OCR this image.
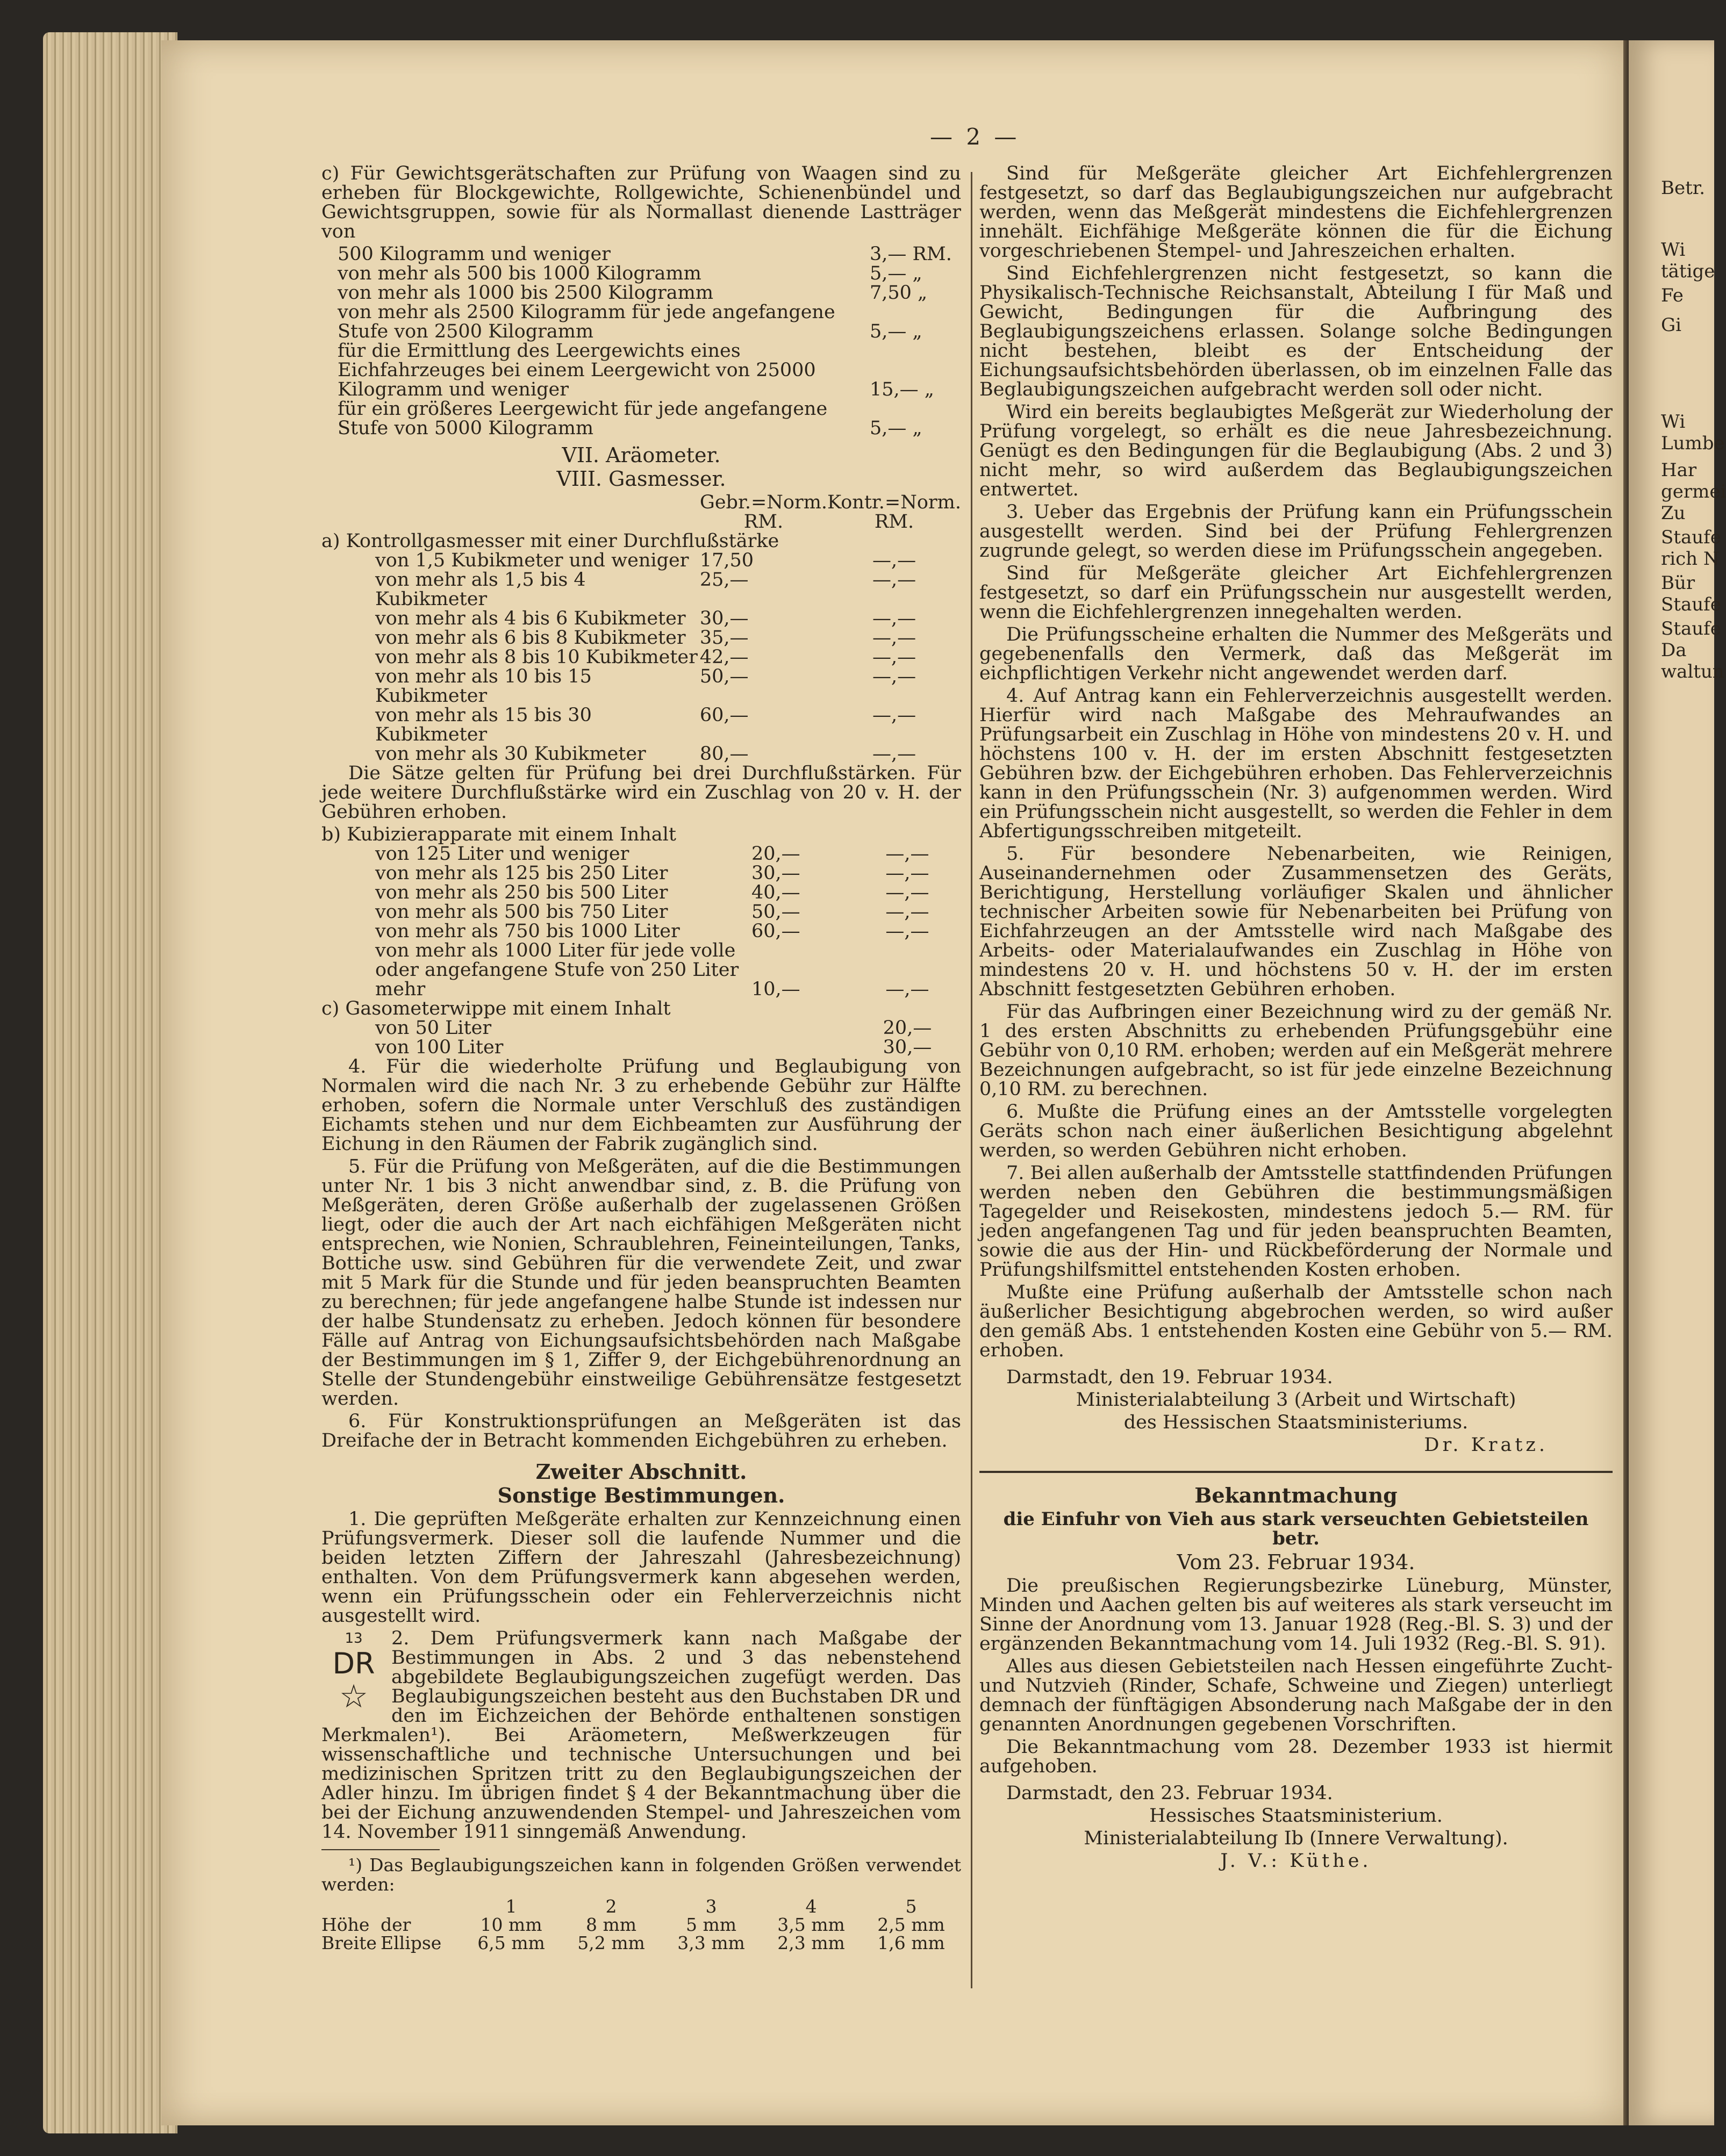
Betr.

Wi

tätige

Fe

Gi

Wi

Lumbe

Har

germei

Zu

Staufe

rich N

Bür

Staufe

Staufe

Da

waltun

— 2 —

c) Für Gewichtsgerätschaften zur Prüfung von Waagen sind zu erheben für Blockgewichte, Rollgewichte, Schienenbündel und Gewichtsgruppen, sowie für als Normallast dienende Lastträger von

500 Kilogramm und weniger	3,— RM.
von mehr als 500 bis 1000 Kilogramm	5,— „
von mehr als 1000 bis 2500 Kilogramm	7,50 „
von mehr als 2500 Kilogramm für jede angefangene Stufe von 2500 Kilogramm	5,— „
für die Ermittlung des Leergewichts eines Eichfahrzeuges bei einem Leergewicht von 25000 Kilogramm und weniger	15,— „
für ein größeres Leergewicht für jede angefangene Stufe von 5000 Kilogramm	5,— „
VII. Aräometer.
VIII. Gasmesser.
	Gebr.=Norm. RM.	Kontr.=Norm. RM.
a) Kontrollgasmesser mit einer Durchflußstärke		
von 1,5 Kubikmeter und weniger	17,50	—,—
von mehr als 1,5 bis 4 Kubikmeter	25,—	—,—
von mehr als 4 bis 6 Kubikmeter	30,—	—,—
von mehr als 6 bis 8 Kubikmeter	35,—	—,—
von mehr als 8 bis 10 Kubikmeter	42,—	—,—
von mehr als 10 bis 15 Kubikmeter	50,—	—,—
von mehr als 15 bis 30 Kubikmeter	60,—	—,—
von mehr als 30 Kubikmeter	80,—	—,—

Die Sätze gelten für Prüfung bei drei Durchflußstärken. Für jede weitere Durchflußstärke wird ein Zuschlag von 20 v. H. der Gebühren erhoben.

b) Kubizierapparate mit einem Inhalt		
von 125 Liter und weniger	20,—	—,—
von mehr als 125 bis 250 Liter	30,—	—,—
von mehr als 250 bis 500 Liter	40,—	—,—
von mehr als 500 bis 750 Liter	50,—	—,—
von mehr als 750 bis 1000 Liter	60,—	—,—
von mehr als 1000 Liter für jede volle oder angefangene Stufe von 250 Liter mehr	10,—	—,—
c) Gasometerwippe mit einem Inhalt		
von 50 Liter		20,—
von 100 Liter		30,—

4. Für die wiederholte Prüfung und Beglaubigung von Normalen wird die nach Nr. 3 zu erhebende Gebühr zur Hälfte erhoben, sofern die Normale unter Verschluß des zuständigen Eichamts stehen und nur dem Eichbeamten zur Ausführung der Eichung in den Räumen der Fabrik zugänglich sind.

5. Für die Prüfung von Meßgeräten, auf die die Bestimmungen unter Nr. 1 bis 3 nicht anwendbar sind, z. B. die Prüfung von Meßgeräten, deren Größe außerhalb der zugelassenen Größen liegt, oder die auch der Art nach eichfähigen Meßgeräten nicht entsprechen, wie Nonien, Schraublehren, Feineinteilungen, Tanks, Bottiche usw. sind Gebühren für die verwendete Zeit, und zwar mit 5 Mark für die Stunde und für jeden beanspruchten Beamten zu berechnen; für jede angefangene halbe Stunde ist indessen nur der halbe Stundensatz zu erheben. Jedoch können für besondere Fälle auf Antrag von Eichungsaufsichtsbehörden nach Maßgabe der Bestimmungen im § 1, Ziffer 9, der Eichgebührenordnung an Stelle der Stundengebühr einstweilige Gebührensätze festgesetzt werden.

6. Für Konstruktionsprüfungen an Meßgeräten ist das Dreifache der in Betracht kommenden Eichgebühren zu erheben.

Zweiter Abschnitt.
Sonstige Bestimmungen.

1. Die geprüften Meßgeräte erhalten zur Kennzeichnung einen Prüfungsvermerk. Dieser soll die laufende Nummer und die beiden letzten Ziffern der Jahreszahl (Jahresbezeichnung) enthalten. Von dem Prüfungsvermerk kann abgesehen werden, wenn ein Prüfungsschein oder ein Fehlerverzeichnis nicht ausgestellt wird.

13
DR
☆

2. Dem Prüfungsvermerk kann nach Maßgabe der Bestimmungen in Abs. 2 und 3 das nebenstehend abgebildete Beglaubigungszeichen zugefügt werden. Das Beglaubigungszeichen besteht aus den Buchstaben DR und den im Eichzeichen der Behörde enthaltenen sonstigen Merkmalen¹). Bei Aräometern, Meßwerkzeugen für wissenschaftliche und technische Untersuchungen und bei medizinischen Spritzen tritt zu den Beglaubigungszeichen der Adler hinzu. Im übrigen findet § 4 der Bekanntmachung über die bei der Eichung anzuwendenden Stempel- und Jahreszeichen vom 14. November 1911 sinngemäß Anwendung.

¹) Das Beglaubigungszeichen kann in folgenden Größen verwendet werden:

		1	2	3	4	5
Höhe	der Ellipse	10 mm	8 mm	5 mm	3,5 mm	2,5 mm
Breite		6,5 mm	5,2 mm	3,3 mm	2,3 mm	1,6 mm

Sind für Meßgeräte gleicher Art Eichfehlergrenzen festgesetzt, so darf das Beglaubigungszeichen nur aufgebracht werden, wenn das Meßgerät mindestens die Eichfehlergrenzen innehält. Eichfähige Meßgeräte können die für die Eichung vorgeschriebenen Stempel- und Jahreszeichen erhalten.

Sind Eichfehlergrenzen nicht festgesetzt, so kann die Physikalisch-Technische Reichsanstalt, Abteilung I für Maß und Gewicht, Bedingungen für die Aufbringung des Beglaubigungszeichens erlassen. Solange solche Bedingungen nicht bestehen, bleibt es der Entscheidung der Eichungsaufsichtsbehörden überlassen, ob im einzelnen Falle das Beglaubigungszeichen aufgebracht werden soll oder nicht.

Wird ein bereits beglaubigtes Meßgerät zur Wiederholung der Prüfung vorgelegt, so erhält es die neue Jahresbezeichnung. Genügt es den Bedingungen für die Beglaubigung (Abs. 2 und 3) nicht mehr, so wird außerdem das Beglaubigungszeichen entwertet.

3. Ueber das Ergebnis der Prüfung kann ein Prüfungsschein ausgestellt werden. Sind bei der Prüfung Fehlergrenzen zugrunde gelegt, so werden diese im Prüfungsschein angegeben.

Sind für Meßgeräte gleicher Art Eichfehlergrenzen festgesetzt, so darf ein Prüfungsschein nur ausgestellt werden, wenn die Eichfehlergrenzen innegehalten werden.

Die Prüfungsscheine erhalten die Nummer des Meßgeräts und gegebenenfalls den Vermerk, daß das Meßgerät im eichpflichtigen Verkehr nicht angewendet werden darf.

4. Auf Antrag kann ein Fehlerverzeichnis ausgestellt werden. Hierfür wird nach Maßgabe des Mehraufwandes an Prüfungsarbeit ein Zuschlag in Höhe von mindestens 20 v. H. und höchstens 100 v. H. der im ersten Abschnitt festgesetzten Gebühren bzw. der Eichgebühren erhoben. Das Fehlerverzeichnis kann in den Prüfungsschein (Nr. 3) aufgenommen werden. Wird ein Prüfungsschein nicht ausgestellt, so werden die Fehler in dem Abfertigungsschreiben mitgeteilt.

5. Für besondere Nebenarbeiten, wie Reinigen, Auseinandernehmen oder Zusammensetzen des Geräts, Berichtigung, Herstellung vorläufiger Skalen und ähnlicher technischer Arbeiten sowie für Nebenarbeiten bei Prüfung von Eichfahrzeugen an der Amtsstelle wird nach Maßgabe des Arbeits- oder Materialaufwandes ein Zuschlag in Höhe von mindestens 20 v. H. und höchstens 50 v. H. der im ersten Abschnitt festgesetzten Gebühren erhoben.

Für das Aufbringen einer Bezeichnung wird zu der gemäß Nr. 1 des ersten Abschnitts zu erhebenden Prüfungsgebühr eine Gebühr von 0,10 RM. erhoben; werden auf ein Meßgerät mehrere Bezeichnungen aufgebracht, so ist für jede einzelne Bezeichnung 0,10 RM. zu berechnen.

6. Mußte die Prüfung eines an der Amtsstelle vorgelegten Geräts schon nach einer äußerlichen Besichtigung abgelehnt werden, so werden Gebühren nicht erhoben.

7. Bei allen außerhalb der Amtsstelle stattfindenden Prüfungen werden neben den Gebühren die bestimmungsmäßigen Tagegelder und Reisekosten, mindestens jedoch 5.— RM. für jeden angefangenen Tag und für jeden beanspruchten Beamten, sowie die aus der Hin- und Rückbeförderung der Normale und Prüfungshilfsmittel entstehenden Kosten erhoben.

Mußte eine Prüfung außerhalb der Amtsstelle schon nach äußerlicher Besichtigung abgebrochen werden, so wird außer den gemäß Abs. 1 entstehenden Kosten eine Gebühr von 5.— RM. erhoben.

Darmstadt, den 19. Februar 1934.

Ministerialabteilung 3 (Arbeit und Wirtschaft)

des Hessischen Staatsministeriums.

Dr. Kratz.

Bekanntmachung
die Einfuhr von Vieh aus stark verseuchten Gebietsteilen betr.
Vom 23. Februar 1934.

Die preußischen Regierungsbezirke Lüneburg, Münster, Minden und Aachen gelten bis auf weiteres als stark verseucht im Sinne der Anordnung vom 13. Januar 1928 (Reg.-Bl. S. 3) und der ergänzenden Bekanntmachung vom 14. Juli 1932 (Reg.-Bl. S. 91).

Alles aus diesen Gebietsteilen nach Hessen eingeführte Zucht- und Nutzvieh (Rinder, Schafe, Schweine und Ziegen) unterliegt demnach der fünftägigen Absonderung nach Maßgabe der in den genannten Anordnungen gegebenen Vorschriften.

Die Bekanntmachung vom 28. Dezember 1933 ist hiermit aufgehoben.

Darmstadt, den 23. Februar 1934.

Hessisches Staatsministerium.

Ministerialabteilung Ib (Innere Verwaltung).

J. V.: Küthe.
